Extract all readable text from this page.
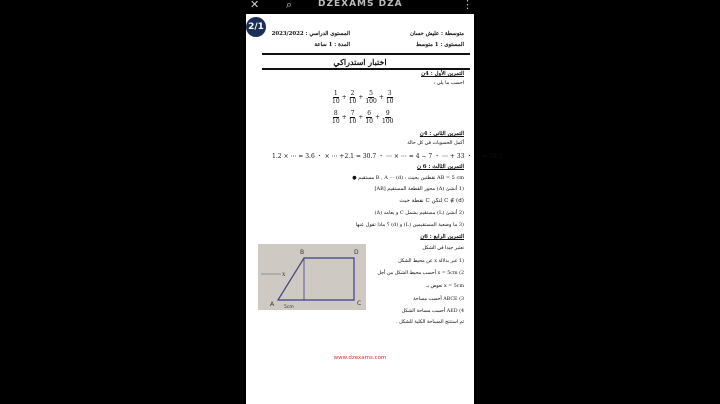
✕ ⌕	DZEXAMS DZA	⋮
2/1
متوسطة : عليش حسان
المستوى الدراسي : 2023/2022
المستوى : 1 متوسط
المدة : 1 ساعة
اختبار استدراكي
التمرين الأول : 4ن
احسب ما يلي :
$\frac{1}{10} + \frac{2}{10} + \frac{5}{100} + \frac{3}{10}$
$\frac{8}{10} + \frac{7}{10} + \frac{6}{10} + \frac{9}{100}$
التمرين الثاني : 4ن
أكمل الحسوبات في كل حالة
1.2 × ⋯ = 3.6 ・ × ⋯ +2.1 = 30.7 ・ ⋯ × ⋯ = 4 − 7 ・ ⋯ + 33 ・ ⋯ = 10.5
التمرين الثالث : 6 ن
AB = 5 cm نقطتين بحيث : B , A ⋯ (d) مستقيم ●
(1 أنشئ (Δ) محور القطعة المستقيم [AB]
C ∉ (d) لتكن C نقطة حيث
(2 أنشئ (L) مستقيم يشمل C و يعامد (Δ)
(3 ما وضعية المستقيمين (L) و (d) ؟ ماذا تقول عنها
التمرين الرابع : 6ن
نعتبر جيدا في الشكل
(1 عبر بدلالة x عن محيط الشكل
x = 5cm (2 أحسب محيط الشكل من أجل
x = 5cm نعوض بـ
ABCE (3 أحسب مساحة
AED (4 أحسب مساحة الشكل
ثم استنتج المساحة الكلية للشكل .
D
C
B
A
x
5cm
www.dzexams.com
